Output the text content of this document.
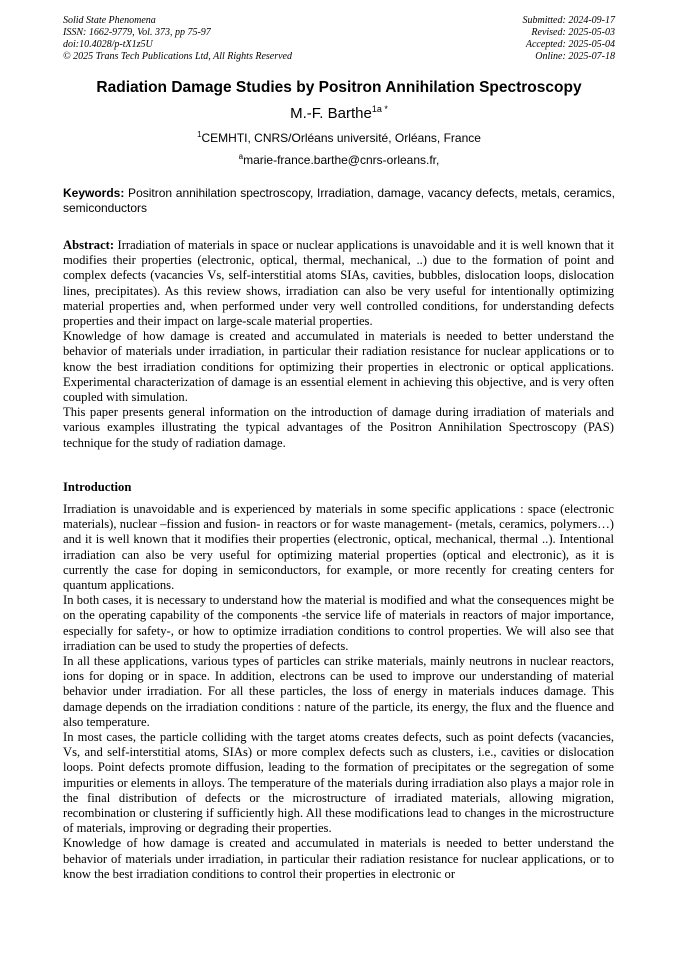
Solid State Phenomena
ISSN: 1662-9779, Vol. 373, pp 75-97
doi:10.4028/p-tX1z5U
© 2025 Trans Tech Publications Ltd, All Rights Reserved
Submitted: 2024-09-17
Revised: 2025-05-03
Accepted: 2025-05-04
Online: 2025-07-18
Radiation Damage Studies by Positron Annihilation Spectroscopy
M.-F. Barthe$^{1a *}$
$^1$CEMHTI, CNRS/Orléans université, Orléans, France
$^a$marie-france.barthe@cnrs-orleans.fr,
Keywords: Positron annihilation spectroscopy, Irradiation, damage, vacancy defects, metals, ceramics, semiconductors

Abstract: Irradiation of materials in space or nuclear applications is unavoidable and it is well known that it modifies their properties (electronic, optical, thermal, mechanical, ..) due to the formation of point and complex defects (vacancies Vs, self-interstitial atoms SIAs, cavities, bubbles, dislocation loops, dislocation lines, precipitates). As this review shows, irradiation can also be very useful for intentionally optimizing material properties and, when performed under very well controlled conditions, for understanding defects properties and their impact on large-scale material properties.

Knowledge of how damage is created and accumulated in materials is needed to better understand the behavior of materials under irradiation, in particular their radiation resistance for nuclear applications or to know the best irradiation conditions for optimizing their properties in electronic or optical applications. Experimental characterization of damage is an essential element in achieving this objective, and is very often coupled with simulation.

This paper presents general information on the introduction of damage during irradiation of materials and various examples illustrating the typical advantages of the Positron Annihilation Spectroscopy (PAS) technique for the study of radiation damage.

Introduction

Irradiation is unavoidable and is experienced by materials in some specific applications : space (electronic materials), nuclear –fission and fusion- in reactors or for waste management- (metals, ceramics, polymers…) and it is well known that it modifies their properties (electronic, optical, mechanical, thermal ..). Intentional irradiation can also be very useful for optimizing material properties (optical and electronic), as it is currently the case for doping in semiconductors, for example, or more recently for creating centers for quantum applications.

In both cases, it is necessary to understand how the material is modified and what the consequences might be on the operating capability of the components -the service life of materials in reactors of major importance, especially for safety-, or how to optimize irradiation conditions to control properties. We will also see that irradiation can be used to study the properties of defects.

In all these applications, various types of particles can strike materials, mainly neutrons in nuclear reactors, ions for doping or in space. In addition, electrons can be used to improve our understanding of material behavior under irradiation. For all these particles, the loss of energy in materials induces damage. This damage depends on the irradiation conditions : nature of the particle, its energy, the flux and the fluence and also temperature.

In most cases, the particle colliding with the target atoms creates defects, such as point defects (vacancies, Vs, and self-interstitial atoms, SIAs) or more complex defects such as clusters, i.e., cavities or dislocation loops. Point defects promote diffusion, leading to the formation of precipitates or the segregation of some impurities or elements in alloys. The temperature of the materials during irradiation also plays a major role in the final distribution of defects or the microstructure of irradiated materials, allowing migration, recombination or clustering if sufficiently high. All these modifications lead to changes in the microstructure of materials, improving or degrading their properties.

Knowledge of how damage is created and accumulated in materials is needed to better understand the behavior of materials under irradiation, in particular their radiation resistance for nuclear applications, or to know the best irradiation conditions to control their properties in electronic or
